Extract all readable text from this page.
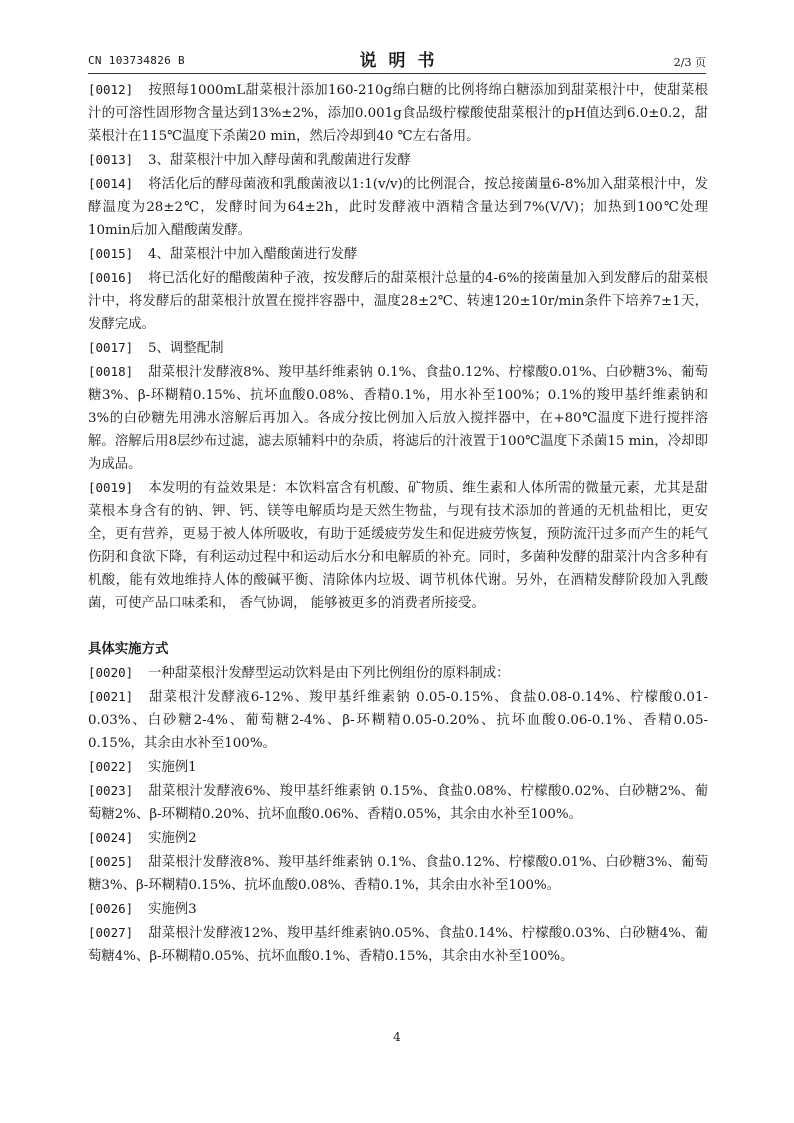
CN 103734826 B	说明书	2/3 页

[0012] 按照每1000mL甜菜根汁添加160-210g绵白糖的比例将绵白糖添加到甜菜根汁中，使甜菜根汁的可溶性固形物含量达到13%±2%，添加0.001g食品级柠檬酸使甜菜根汁的pH值达到6.0±0.2，甜菜根汁在115℃温度下杀菌20 min，然后冷却到40 ℃左右备用。

[0013] 3、甜菜根汁中加入酵母菌和乳酸菌进行发酵

[0014] 将活化后的酵母菌液和乳酸菌液以1:1(v/v)的比例混合，按总接菌量6-8%加入甜菜根汁中，发酵温度为28±2℃，发酵时间为64±2h，此时发酵液中酒精含量达到7%(V/V)；加热到100℃处理10min后加入醋酸菌发酵。

[0015] 4、甜菜根汁中加入醋酸菌进行发酵

[0016] 将已活化好的醋酸菌种子液，按发酵后的甜菜根汁总量的4-6%的接菌量加入到发酵后的甜菜根汁中，将发酵后的甜菜根汁放置在搅拌容器中，温度28±2℃、转速120±10r/min条件下培养7±1天，发酵完成。

[0017] 5、调整配制

[0018] 甜菜根汁发酵液8%、羧甲基纤维素钠 0.1%、食盐0.12%、柠檬酸0.01%、白砂糖3%、葡萄糖3%、β-环糊精0.15%、抗坏血酸0.08%、香精0.1%，用水补至100%；0.1%的羧甲基纤维素钠和3%的白砂糖先用沸水溶解后再加入。各成分按比例加入后放入搅拌器中，在+80℃温度下进行搅拌溶解。溶解后用8层纱布过滤，滤去原辅料中的杂质，将滤后的汁液置于100℃温度下杀菌15 min，冷却即为成品。

[0019] 本发明的有益效果是：本饮料富含有机酸、矿物质、维生素和人体所需的微量元素，尤其是甜菜根本身含有的钠、钾、钙、镁等电解质均是天然生物盐，与现有技术添加的普通的无机盐相比，更安全，更有营养，更易于被人体所吸收，有助于延缓疲劳发生和促进疲劳恢复，预防流汗过多而产生的耗气伤阴和食欲下降，有利运动过程中和运动后水分和电解质的补充。同时，多菌种发酵的甜菜汁内含多种有机酸，能有效地维持人体的酸碱平衡、清除体内垃圾、调节机体代谢。另外，在酒精发酵阶段加入乳酸菌，可使产品口味柔和， 香气协调， 能够被更多的消费者所接受。

具体实施方式

[0020] 一种甜菜根汁发酵型运动饮料是由下列比例组份的原料制成：

[0021] 甜菜根汁发酵液6-12%、羧甲基纤维素钠 0.05-0.15%、食盐0.08-0.14%、柠檬酸0.01-0.03%、白砂糖2-4%、葡萄糖2-4%、β-环糊精0.05-0.20%、抗坏血酸0.06-0.1%、香精0.05-0.15%，其余由水补至100%。

[0022] 实施例1

[0023] 甜菜根汁发酵液6%、羧甲基纤维素钠 0.15%、食盐0.08%、柠檬酸0.02%、白砂糖2%、葡萄糖2%、β-环糊精0.20%、抗坏血酸0.06%、香精0.05%，其余由水补至100%。

[0024] 实施例2

[0025] 甜菜根汁发酵液8%、羧甲基纤维素钠 0.1%、食盐0.12%、柠檬酸0.01%、白砂糖3%、葡萄糖3%、β-环糊精0.15%、抗坏血酸0.08%、香精0.1%，其余由水补至100%。

[0026] 实施例3

[0027] 甜菜根汁发酵液12%、羧甲基纤维素钠0.05%、食盐0.14%、柠檬酸0.03%、白砂糖4%、葡萄糖4%、β-环糊精0.05%、抗坏血酸0.1%、香精0.15%，其余由水补至100%。

4
